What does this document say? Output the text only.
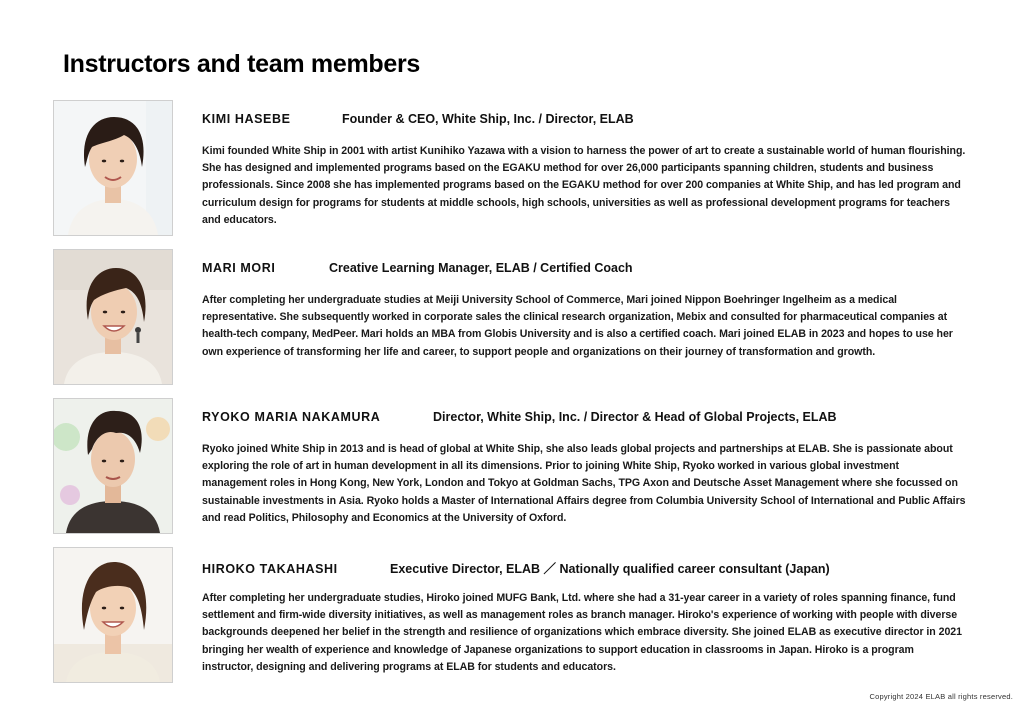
Instructors and team members
KIMI HASEBE	Founder & CEO, White Ship, Inc. / Director, ELAB

Kimi founded White Ship in 2001 with artist Kunihiko Yazawa with a vision to harness the power of art to create a sustainable world of human flourishing. She has designed and implemented programs based on the EGAKU method for over 26,000 participants spanning children, students and business professionals. Since 2008 she has implemented programs based on the EGAKU method for over 200 companies at White Ship, and has led program and curriculum design for programs for students at middle schools, high schools, universities as well as professional development programs for teachers and educators.

MARI MORI	Creative Learning Manager, ELAB / Certified Coach

After completing her undergraduate studies at Meiji University School of Commerce, Mari joined Nippon Boehringer Ingelheim as a medical representative. She subsequently worked in corporate sales the clinical research organization, Mebix and consulted for pharmaceutical companies at health-tech company, MedPeer. Mari holds an MBA from Globis University and is also a certified coach. Mari joined ELAB in 2023 and hopes to use her own experience of transforming her life and career, to support people and organizations on their journey of transformation and growth.

RYOKO MARIA NAKAMURA	Director, White Ship, Inc. / Director & Head of Global Projects, ELAB

Ryoko joined White Ship in 2013 and is head of global at White Ship, she also leads global projects and partnerships at ELAB. She is passionate about exploring the role of art in human development in all its dimensions. Prior to joining White Ship, Ryoko worked in various global investment management roles in Hong Kong, New York, London and Tokyo at Goldman Sachs, TPG Axon and Deutsche Asset Management where she focussed on sustainable investments in Asia. Ryoko holds a Master of International Affairs degree from Columbia University School of International and Public Affairs and read Politics, Philosophy and Economics at the University of Oxford.

HIROKO TAKAHASHI	Executive Director, ELAB ／ Nationally qualified career consultant (Japan)

After completing her undergraduate studies, Hiroko joined MUFG Bank, Ltd. where she had a 31-year career in a variety of roles spanning finance, fund settlement and firm-wide diversity initiatives, as well as management roles as branch manager. Hiroko's experience of working with people with diverse backgrounds deepened her belief in the strength and resilience of organizations which embrace diversity. She joined ELAB as executive director in 2021 bringing her wealth of experience and knowledge of Japanese organizations to support education in classrooms in Japan. Hiroko is a program instructor, designing and delivering programs at ELAB for students and educators.

Copyright 2024 ELAB all rights reserved.
